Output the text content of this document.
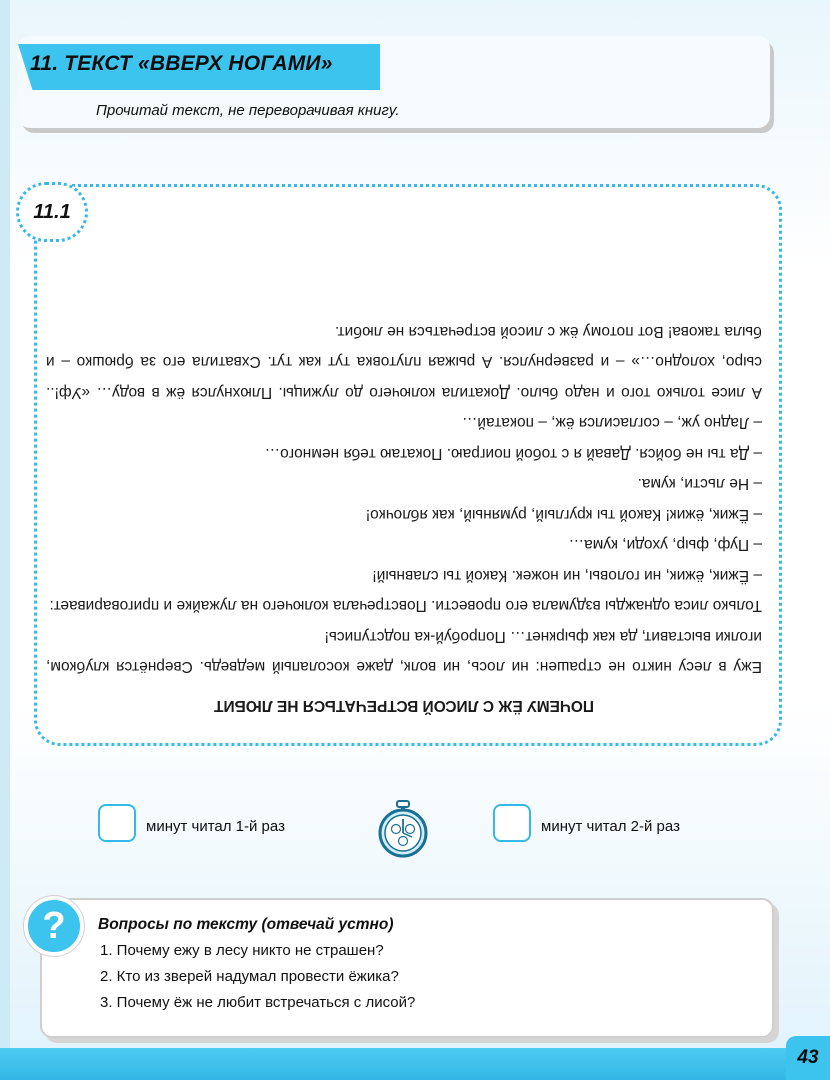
11. ТЕКСТ «ВВЕРХ НОГАМИ»
Прочитай текст, не переворачивая книгу.
ПОЧЕМУ ЁЖ С ЛИСОЙ ВСТРЕЧАТЬСЯ НЕ ЛЮБИТ

Ежу в лесу никто не страшен: ни лось, ни волк, даже косолапый медведь. Свернётся клубком, иголки выставит, да как фыркнет… Попробуй-ка подступись!

Только лиса однажды вздумала его провести. Повстречала колючего на лужайке и приговаривает:

– Ёжик, ёжик, ни головы, ни ножек. Какой ты славный!

– Пуф, фыр, уходи, кума…

– Ёжик, ёжик! Какой ты круглый, румяный, как яблочко!

– Не льсти, кума.

– Да ты не бойся. Давай я с тобой поиграю. Покатаю тебя немного…

– Ладно уж, – согласился ёж, – покатай…

А лисе только того и надо было. Докатила колючего до лужицы. Плюхнулся ёж в воду… «Уф!.. сыро, холодно…» – и развернулся. А рыжая плутовка тут как тут. Схватила его за брюшко – и была такова! Вот потому ёж с лисой встречаться не любит.

11.1
минут читал 1-й раз	минут читал 2-й раз
?	Вопросы по тексту (отвечай устно)
1. Почему ежу в лесу никто не страшен?
2. Кто из зверей надумал провести ёжика?
3. Почему ёж не любит встречаться с лисой?
43
